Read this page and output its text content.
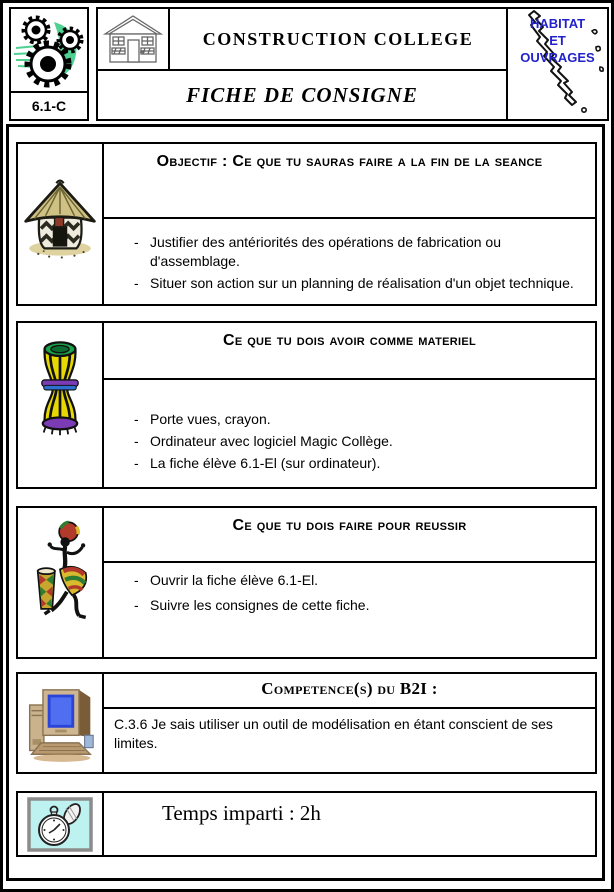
6.1-C
CONSTRUCTION COLLEGE
FICHE DE CONSIGNE
HABITAT
ET
OUVRAGES
Objectif : Ce que tu sauras faire a la fin de la seance
- Justifier des antériorités des opérations de fabrication ou d'assemblage.
- Situer son action sur un planning de réalisation d'un objet technique.
Ce que tu dois avoir comme materiel
- Porte vues, crayon.
- Ordinateur avec logiciel Magic Collège.
- La fiche élève 6.1-El (sur ordinateur).
Ce que tu dois faire pour reussir
- Ouvrir la fiche élève 6.1-El.
- Suivre les consignes de cette fiche.
Competence(s) du B2I :
C.3.6 Je sais utiliser un outil de modélisation en étant conscient de ses limites.
Temps imparti : 2h
